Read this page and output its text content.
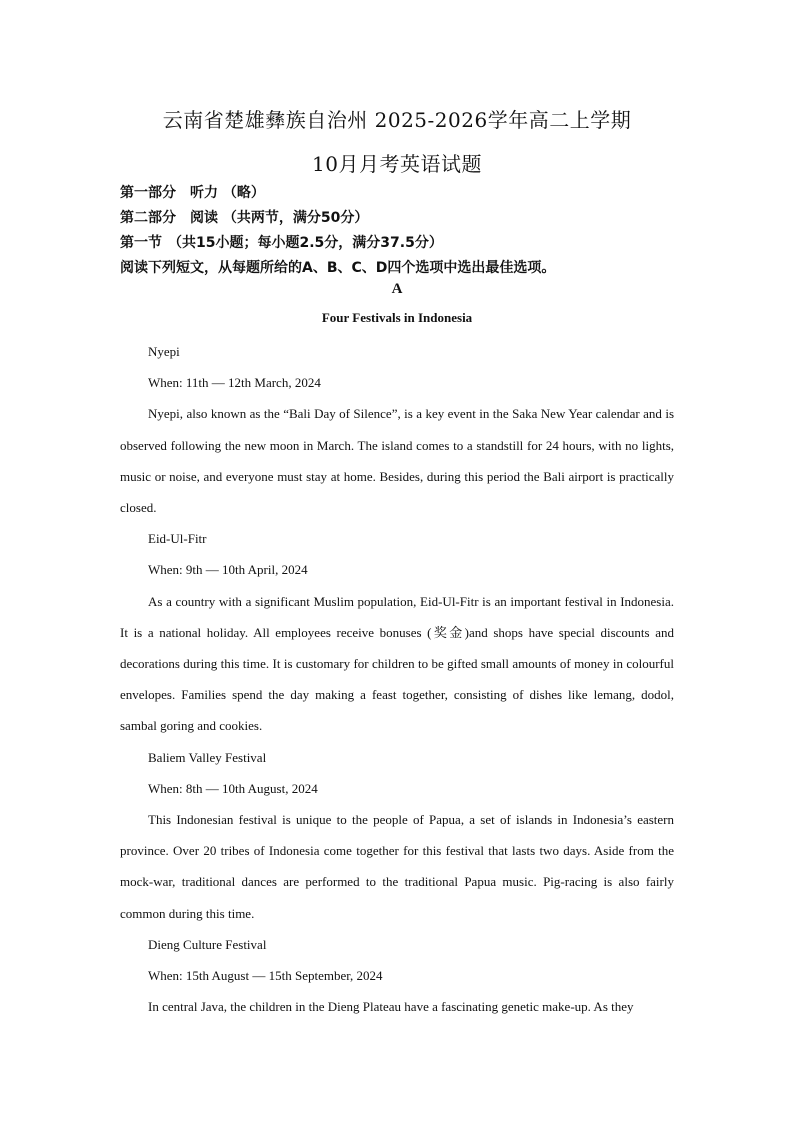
云南省楚雄彝族自治州 2025-2026学年高二上学期
10月月考英语试题
第一部分 听力 （略）
第二部分 阅读 （共两节，满分50分）
第一节 （共15小题；每小题2.5分，满分37.5分）
阅读下列短文，从每题所给的A、B、C、D四个选项中选出最佳选项。
A
Four Festivals in Indonesia

Nyepi

When: 11th — 12th March, 2024

Nyepi, also known as the “Bali Day of Silence”, is a key event in the Saka New Year calendar and is observed following the new moon in March. The island comes to a standstill for 24 hours, with no lights, music or noise, and everyone must stay at home. Besides, during this period the Bali airport is practically closed.

Eid-Ul-Fitr

When: 9th — 10th April, 2024

As a country with a significant Muslim population, Eid-Ul-Fitr is an important festival in Indonesia. It is a national holiday. All employees receive bonuses (奖金)and shops have special discounts and decorations during this time. It is customary for children to be gifted small amounts of money in colourful envelopes. Families spend the day making a feast together, consisting of dishes like lemang, dodol, sambal goring and cookies.

Baliem Valley Festival

When: 8th — 10th August, 2024

This Indonesian festival is unique to the people of Papua, a set of islands in Indonesia’s eastern province. Over 20 tribes of Indonesia come together for this festival that lasts two days. Aside from the mock-war, traditional dances are performed to the traditional Papua music. Pig-racing is also fairly common during this time.

Dieng Culture Festival

When: 15th August — 15th September, 2024

In central Java, the children in the Dieng Plateau have a fascinating genetic make-up. As they
